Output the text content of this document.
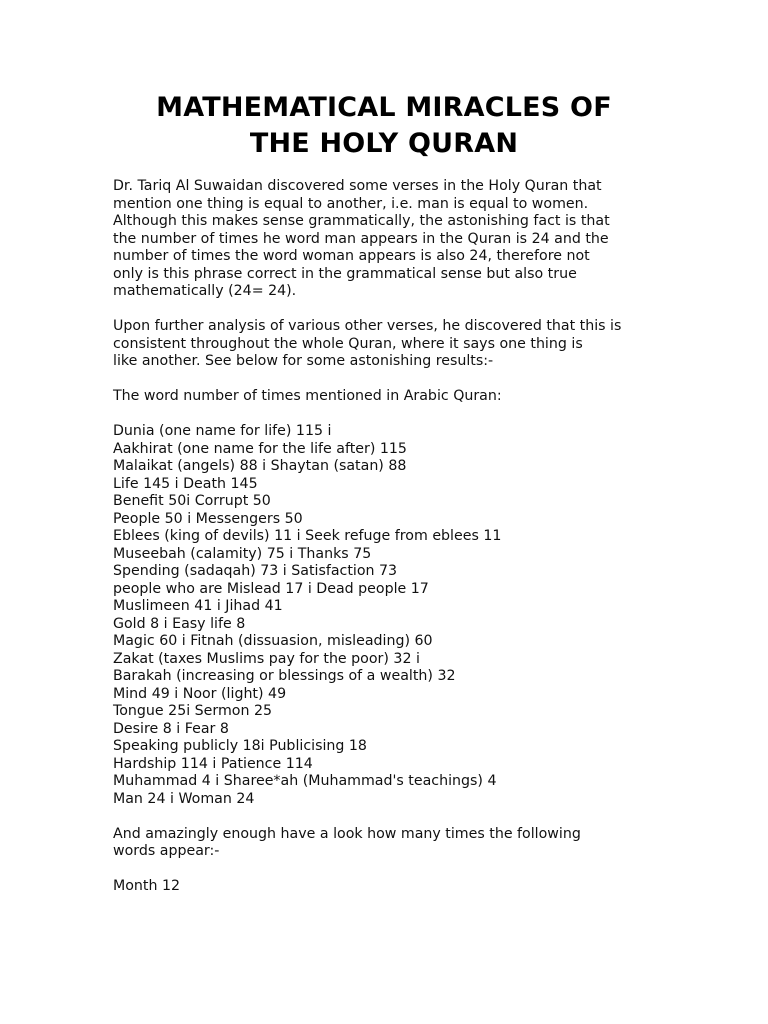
MATHEMATICAL MIRACLES OF
THE HOLY QURAN

Dr. Tariq Al Suwaidan discovered some verses in the Holy Quran that
mention one thing is equal to another, i.e. man is equal to women.
Although this makes sense grammatically, the astonishing fact is that
the number of times he word man appears in the Quran is 24 and the
number of times the word woman appears is also 24, therefore not
only is this phrase correct in the grammatical sense but also true
mathematically (24= 24).

Upon further analysis of various other verses, he discovered that this is
consistent throughout the whole Quran, where it says one thing is
like another. See below for some astonishing results:-

The word number of times mentioned in Arabic Quran:

Dunia (one name for life) 115 i
Aakhirat (one name for the life after) 115
Malaikat (angels) 88 i Shaytan (satan) 88
Life 145 i Death 145
Benefit 50i Corrupt 50
People 50 i Messengers 50
Eblees (king of devils) 11 i Seek refuge from eblees 11
Museebah (calamity) 75 i Thanks 75
Spending (sadaqah) 73 i Satisfaction 73
people who are Mislead 17 i Dead people 17
Muslimeen 41 i Jihad 41
Gold 8 i Easy life 8
Magic 60 i Fitnah (dissuasion, misleading) 60
Zakat (taxes Muslims pay for the poor) 32 i
Barakah (increasing or blessings of a wealth) 32
Mind 49 i Noor (light) 49
Tongue 25i Sermon 25
Desire 8 i Fear 8
Speaking publicly 18i Publicising 18
Hardship 114 i Patience 114
Muhammad 4 i Sharee*ah (Muhammad's teachings) 4
Man 24 i Woman 24

And amazingly enough have a look how many times the following
words appear:-

Month 12
